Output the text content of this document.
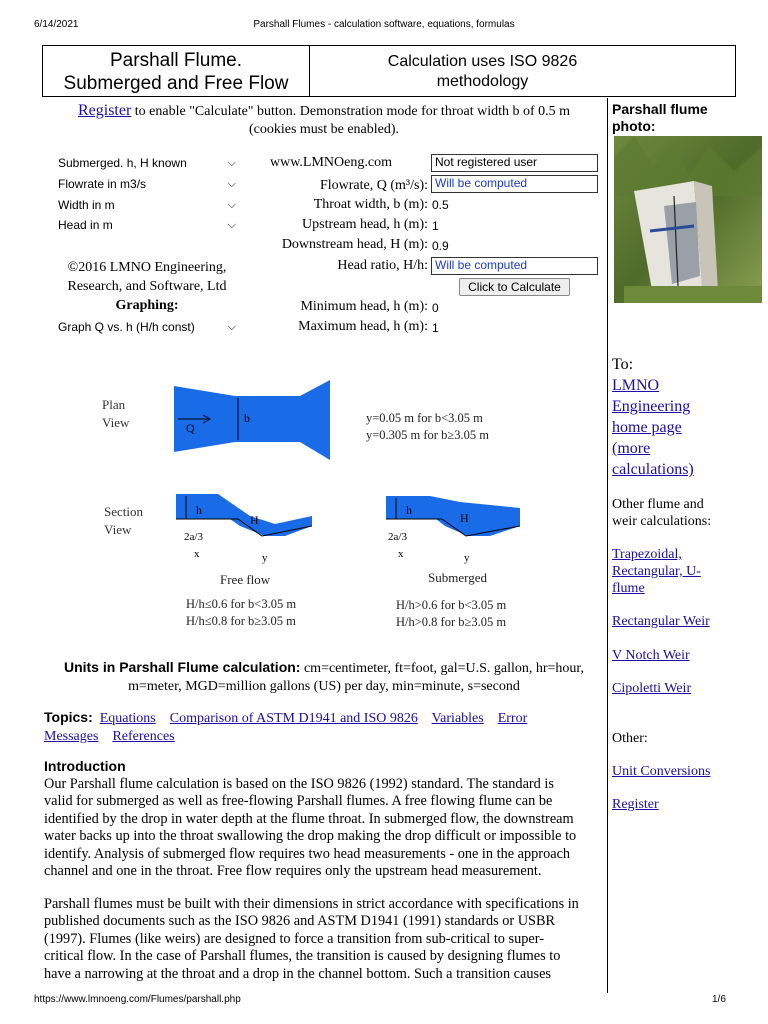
6/14/2021	Parshall Flumes - calculation software, equations, formulas
Parshall Flume.
Submerged and Free Flow
Calculation uses ISO 9826
methodology
Register to enable "Calculate" button. Demonstration mode for throat width b of 0.5 m
(cookies must be enabled).
Submerged. h, H known	⌵
Flowrate in m3/s	⌵
Width in m	⌵
Head in m	⌵
©2016 LMNO Engineering,
Research, and Software, Ltd
Graphing:
Graph Q vs. h (H/h const)	⌵
www.LMNOeng.com	Not registered user
Flowrate, Q (m³/s): Will be computed
Throat width, b (m): 0.5
Upstream head, h (m): 1
Downstream head, H (m): 0.9
Head ratio, H/h: Will be computed
Click to Calculate
Minimum head, h (m): 0
Maximum head, h (m): 1
Plan
View
Section
View
Q
b	y=0.05 m for b<3.05 m
y=0.305 m for b≥3.05 m
h
H
2a/3
x	y
Free flow
H/h≤0.6 for b<3.05 m
H/h≤0.8 for b≥3.05 m
h
H
2a/3
x	y
Submerged
H/h>0.6 for b<3.05 m
H/h>0.8 for b≥3.05 m
Units in Parshall Flume calculation: cm=centimeter, ft=foot, gal=U.S. gallon, hr=hour,
m=meter, MGD=million gallons (US) per day, min=minute, s=second
Topics: Equations Comparison of ASTM D1941 and ISO 9826 Variables Error
Messages References
Introduction
Our Parshall flume calculation is based on the ISO 9826 (1992) standard. The standard is
valid for submerged as well as free-flowing Parshall flumes. A free flowing flume can be
identified by the drop in water depth at the flume throat. In submerged flow, the downstream
water backs up into the throat swallowing the drop making the drop difficult or impossible to
identify. Analysis of submerged flow requires two head measurements - one in the approach
channel and one in the throat. Free flow requires only the upstream head measurement.
Parshall flumes must be built with their dimensions in strict accordance with specifications in
published documents such as the ISO 9826 and ASTM D1941 (1991) standards or USBR
(1997). Flumes (like weirs) are designed to force a transition from sub-critical to super-
critical flow. In the case of Parshall flumes, the transition is caused by designing flumes to
have a narrowing at the throat and a drop in the channel bottom. Such a transition causes
Parshall flume
photo:
To:
LMNO
Engineering
home page
(more
calculations)
Other flume and
weir calculations:
Trapezoidal,
Rectangular, U-
flume
Rectangular Weir
V Notch Weir
Cipoletti Weir
Other:
Unit Conversions
Register
https://www.lmnoeng.com/Flumes/parshall.php	1/6
